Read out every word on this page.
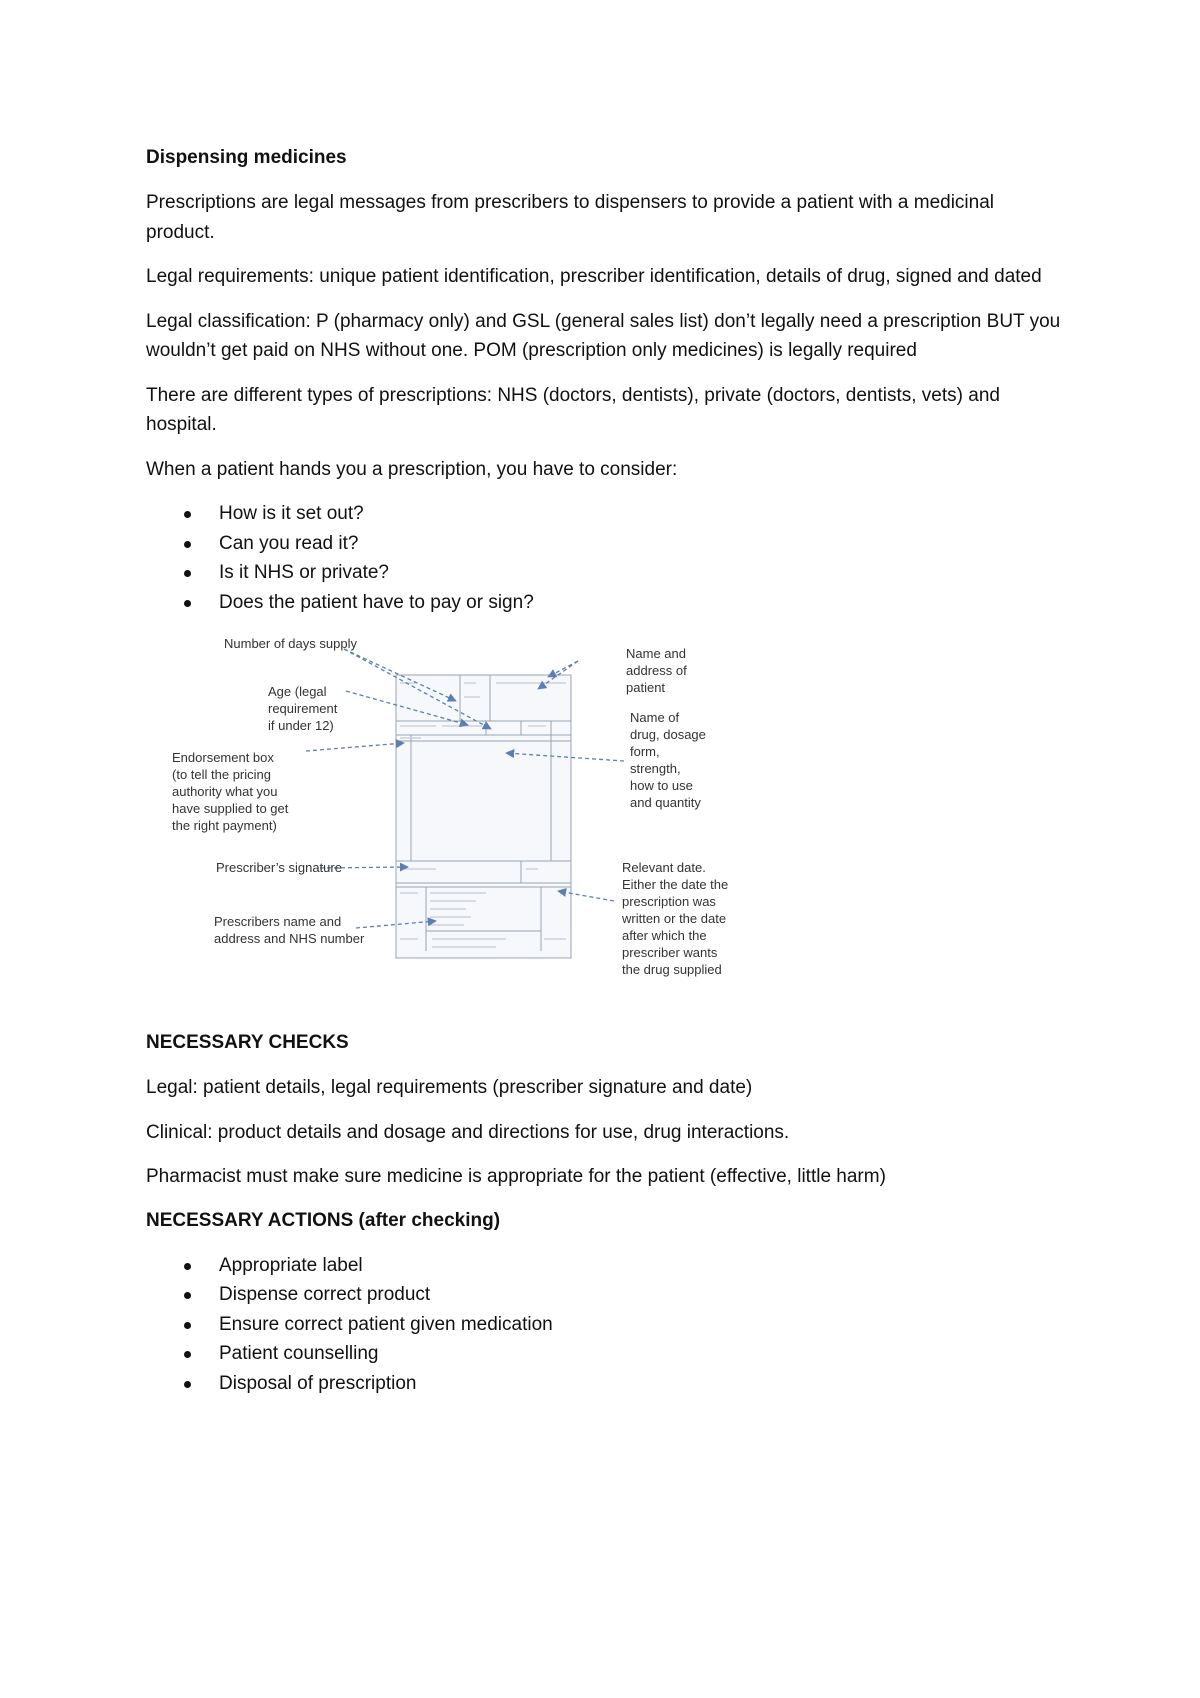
Dispensing medicines

Prescriptions are legal messages from prescribers to dispensers to provide a patient with a medicinal product.

Legal requirements: unique patient identification, prescriber identification, details of drug, signed and dated

Legal classification: P (pharmacy only) and GSL (general sales list) don’t legally need a prescription BUT you wouldn’t get paid on NHS without one. POM (prescription only medicines) is legally required

There are different types of prescriptions: NHS (doctors, dentists), private (doctors, dentists, vets) and hospital.

When a patient hands you a prescription, you have to consider:

How is it set out?
Can you read it?
Is it NHS or private?
Does the patient have to pay or sign?
Number of days supply
Age (legal
requirement
if under 12)
Endorsement box
(to tell the pricing
authority what you
have supplied to get
the right payment)
Prescriber’s signature
Prescribers name and
address and NHS number
Name and
address of
patient
Name of
drug, dosage
form,
strength,
how to use
and quantity
Relevant date.
Either the date the
prescription was
written or the date
after which the
prescriber wants
the drug supplied
NECESSARY CHECKS

Legal: patient details, legal requirements (prescriber signature and date)

Clinical: product details and dosage and directions for use, drug interactions.

Pharmacist must make sure medicine is appropriate for the patient (effective, little harm)

NECESSARY ACTIONS (after checking)
Appropriate label
Dispense correct product
Ensure correct patient given medication
Patient counselling
Disposal of prescription
